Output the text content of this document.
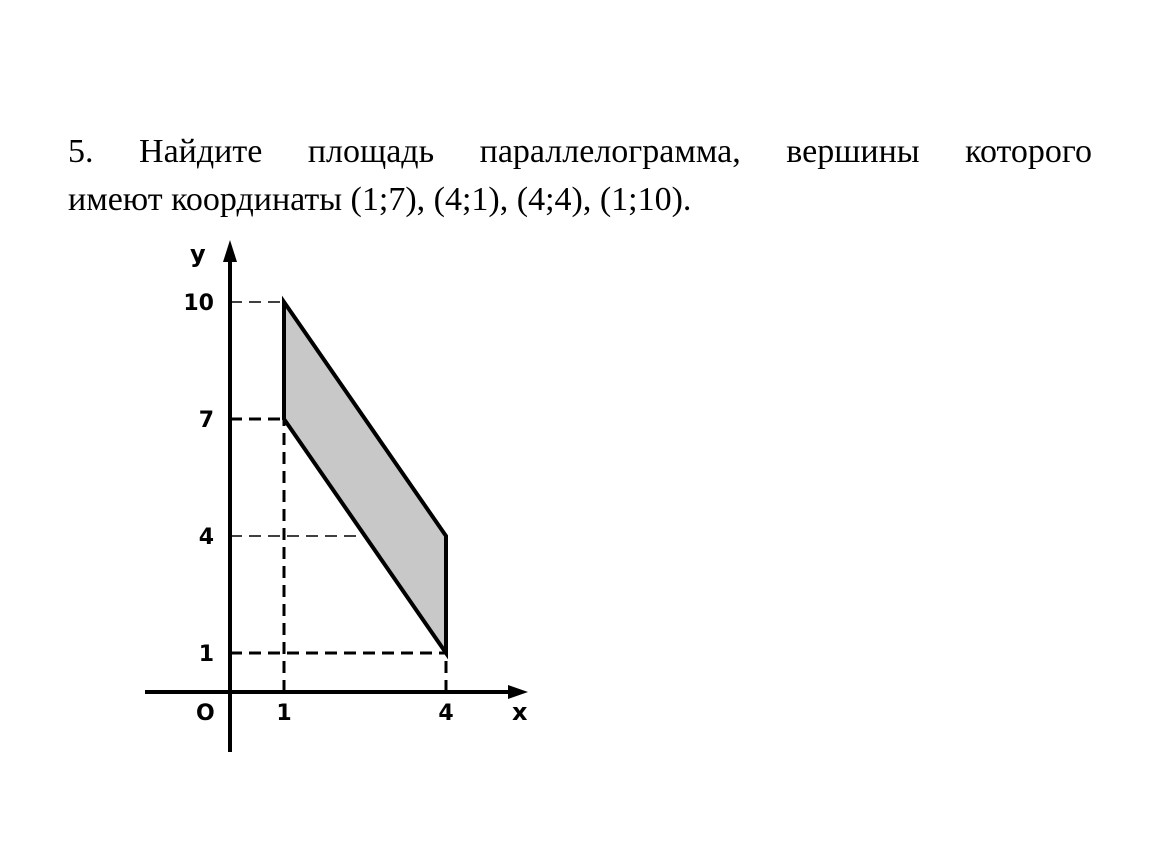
5. Найдите площадь параллелограмма, вершины которого
имеют координаты (1;7), (4;1), (4;4), (1;10).
x
y
O	1	4
1
4
7
10
